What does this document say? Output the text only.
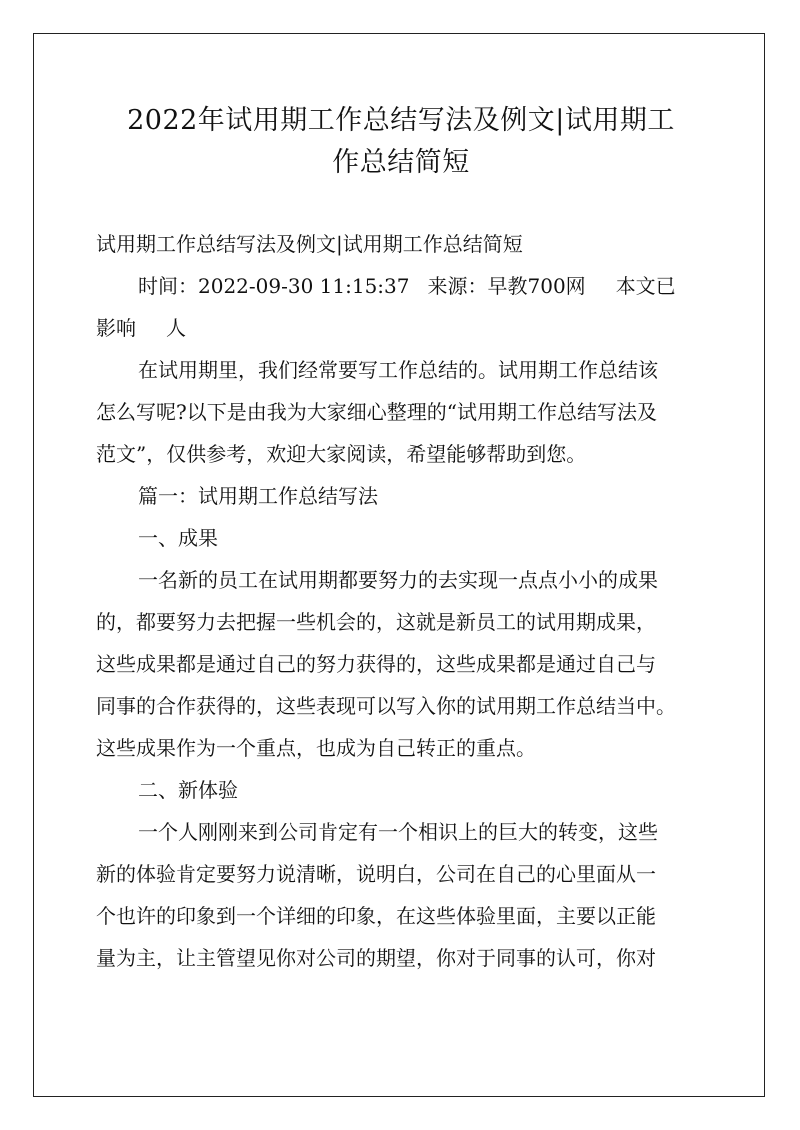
2022年试用期工作总结写法及例文|试用期工
作总结简短
试用期工作总结写法及例文|试用期工作总结简短
时间：2022-09-30 11:15:37 来源：早教700网 本文已
影响 人
在试用期里，我们经常要写工作总结的。试用期工作总结该
怎么写呢?以下是由我为大家细心整理的“试用期工作总结写法及
范文”，仅供参考，欢迎大家阅读，希望能够帮助到您。
篇一：试用期工作总结写法
一、成果
一名新的员工在试用期都要努力的去实现一点点小小的成果
的，都要努力去把握一些机会的，这就是新员工的试用期成果，
这些成果都是通过自己的努力获得的，这些成果都是通过自己与
同事的合作获得的，这些表现可以写入你的试用期工作总结当中。
这些成果作为一个重点，也成为自己转正的重点。
二、新体验
一个人刚刚来到公司肯定有一个相识上的巨大的转变，这些
新的体验肯定要努力说清晰，说明白，公司在自己的心里面从一
个也许的印象到一个详细的印象，在这些体验里面，主要以正能
量为主，让主管望见你对公司的期望，你对于同事的认可，你对
